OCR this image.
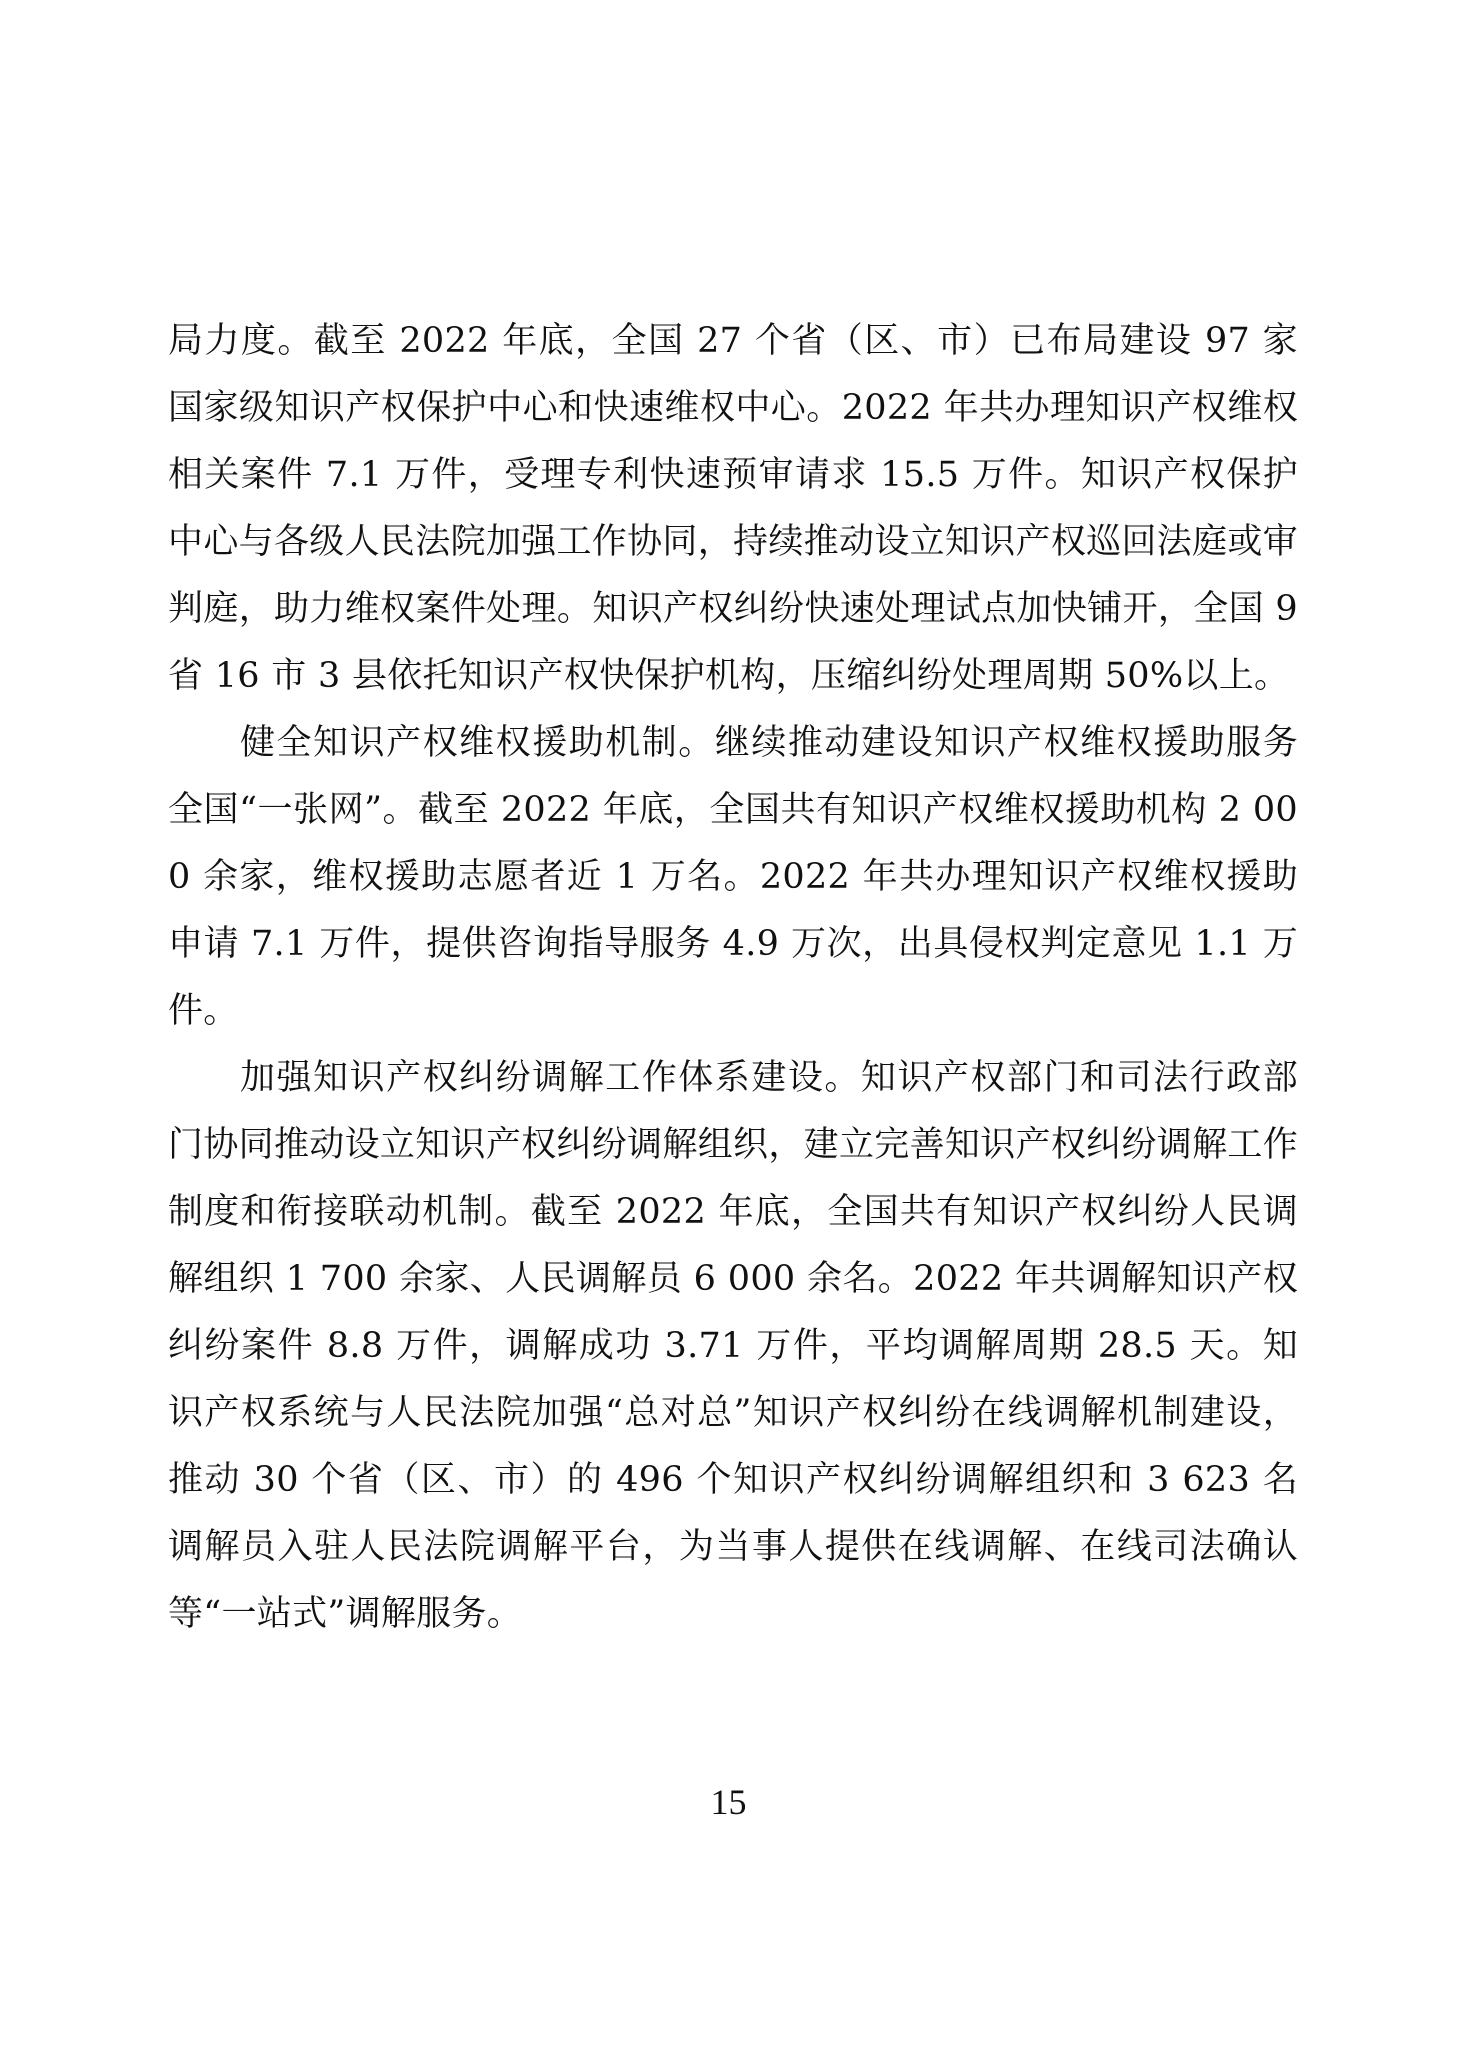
局力度。截至 2022 年底，全国 27 个省（区、市）已布局建设 97 家国家级知识产权保护中心和快速维权中心。2022 年共办理知识产权维权相关案件 7.1 万件，受理专利快速预审请求 15.5 万件。知识产权保护中心与各级人民法院加强工作协同，持续推动设立知识产权巡回法庭或审判庭，助力维权案件处理。知识产权纠纷快速处理试点加快铺开，全国 9 省 16 市 3 县依托知识产权快保护机构，压缩纠纷处理周期 50%以上。

健全知识产权维权援助机制。继续推动建设知识产权维权援助服务全国“一张网”。截至 2022 年底，全国共有知识产权维权援助机构 2 000 余家，维权援助志愿者近 1 万名。2022 年共办理知识产权维权援助申请 7.1 万件，提供咨询指导服务 4.9 万次，出具侵权判定意见 1.1 万件。

加强知识产权纠纷调解工作体系建设。知识产权部门和司法行政部门协同推动设立知识产权纠纷调解组织，建立完善知识产权纠纷调解工作制度和衔接联动机制。截至 2022 年底，全国共有知识产权纠纷人民调解组织 1 700 余家、人民调解员 6 000 余名。2022 年共调解知识产权纠纷案件 8.8 万件，调解成功 3.71 万件，平均调解周期 28.5 天。知识产权系统与人民法院加强“总对总”知识产权纠纷在线调解机制建设，推动 30 个省（区、市）的 496 个知识产权纠纷调解组织和 3 623 名调解员入驻人民法院调解平台，为当事人提供在线调解、在线司法确认等“一站式”调解服务。

15
